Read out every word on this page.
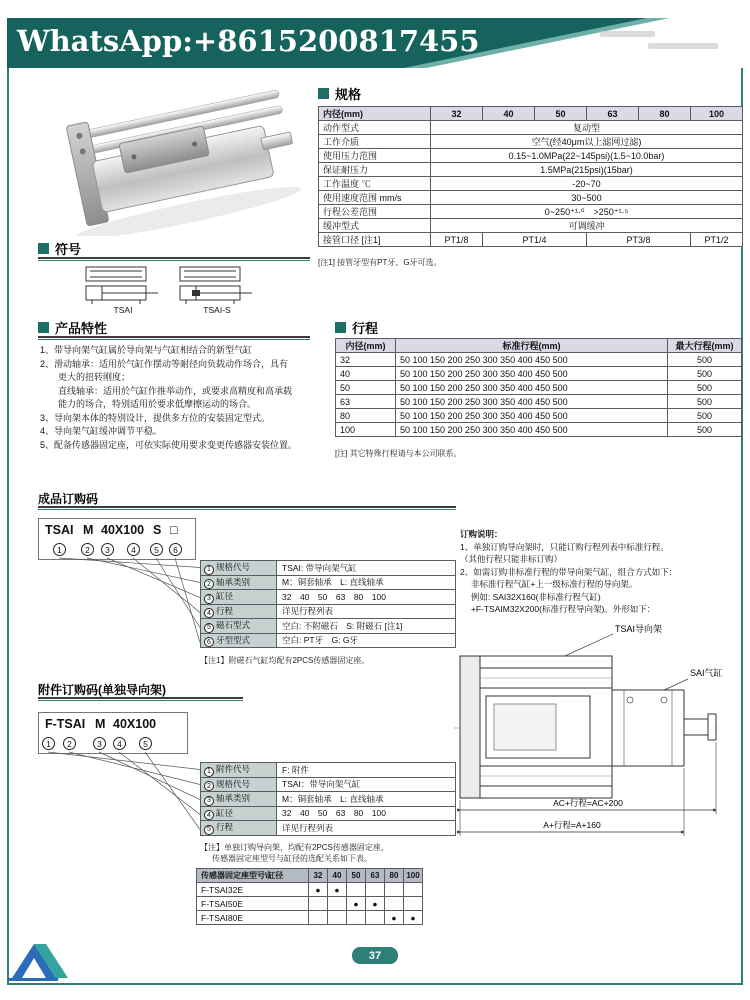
WhatsApp:+8615200817455
规格
内径(mm)	32	40	50	63	80	100
动作型式	复动型					
工作介质	空气(经40μm以上滤网过滤)					
使用压力范围	0.15~1.0MPa(22~145psi)(1.5~10.0bar)					
保证耐压力	1.5MPa(215psi)(15bar)					
工作温度 ℃	-20~70					
使用速度范围 mm/s	30~500					
行程公差范围	0~250⁺¹·⁰　>250⁺¹·⁵					
缓冲型式	可调缓冲					
接管口径 [注1]	PT1/8	PT1/4		PT3/8		PT1/2
[注1] 接管牙型有PT牙、G牙可选。
符号
TSAI	TSAI-S
产品特性
1、带导向架气缸属於导向架与气缸相结合的新型气缸
2、滑动轴承：适用於气缸作摆动等耐径向负载动作场合，具有
　　更大的扭转刚度；
　　直线轴承：适用於气缸作推举动作，或要求高精度和高承载
　　能力的场合，特别适用於要求低摩擦运动的场合。
3、导向架本体的特别设计，提供多方位的安装固定型式。
4、导向架气缸缓冲调节平稳。
5、配备传感器固定座，可依实际使用要求变更传感器安装位置。
行程
内径(mm)	标准行程(mm)	最大行程(mm)
32	50 100 150 200 250 300 350 400 450 500	500
40	50 100 150 200 250 300 350 400 450 500	500
50	50 100 150 200 250 300 350 400 450 500	500
63	50 100 150 200 250 300 350 400 450 500	500
80	50 100 150 200 250 300 350 400 450 500	500
100	50 100 150 200 250 300 350 400 450 500	500
[注] 其它特殊行程请与本公司联系。
成品订购码
TSAI M 40X100 S □
1	2	3	4	5	6
1 规格代号	TSAI: 带导向架气缸
2 轴承类别	M：铜套轴承　L: 直线轴承
3 缸径	32　40　50　63　80　100
4 行程	详见行程列表
5 磁石型式	空白: 不附磁石　S: 附磁石 [注1]
6 牙型型式	空白: PT牙　G: G牙
【注1】附磁石气缸均配有2PCS传感器固定座。
订购说明：
1、单独订购导向架时，只能订购行程列表中标准行程。
（其他行程只能非标订购）
2、如需订购非标准行程的带导向架气缸，组合方式如下：
　 非标准行程气缸+上一级标准行程的导向架。
　 例如: SAI32X160(非标准行程气缸)
　 +F-TSAIM32X200(标准行程导向架)。外形如下：
TSAI导向架
SAI气缸
AC+行程=AC+200
A+行程=A+160
附件订购码(单独导向架)
F-TSAI M 40X100
1	2	3	4	5
1 附件代号	F: 附件
2 规格代号	TSAI：带导向架气缸
3 轴承类别	M：铜套轴承　L: 直线轴承
4 缸径	32　40　50　63　80　100
5 行程	详见行程列表
【注】单独订购导向架，均配有2PCS传感器固定座，
传感器固定座型号与缸径的选配关系如下表。
传感器固定座型号\缸径	32	40	50	63	80	100
F-TSAI32E	●	●				
F-TSAI50E			●	●		
F-TSAI80E					●	●
37
